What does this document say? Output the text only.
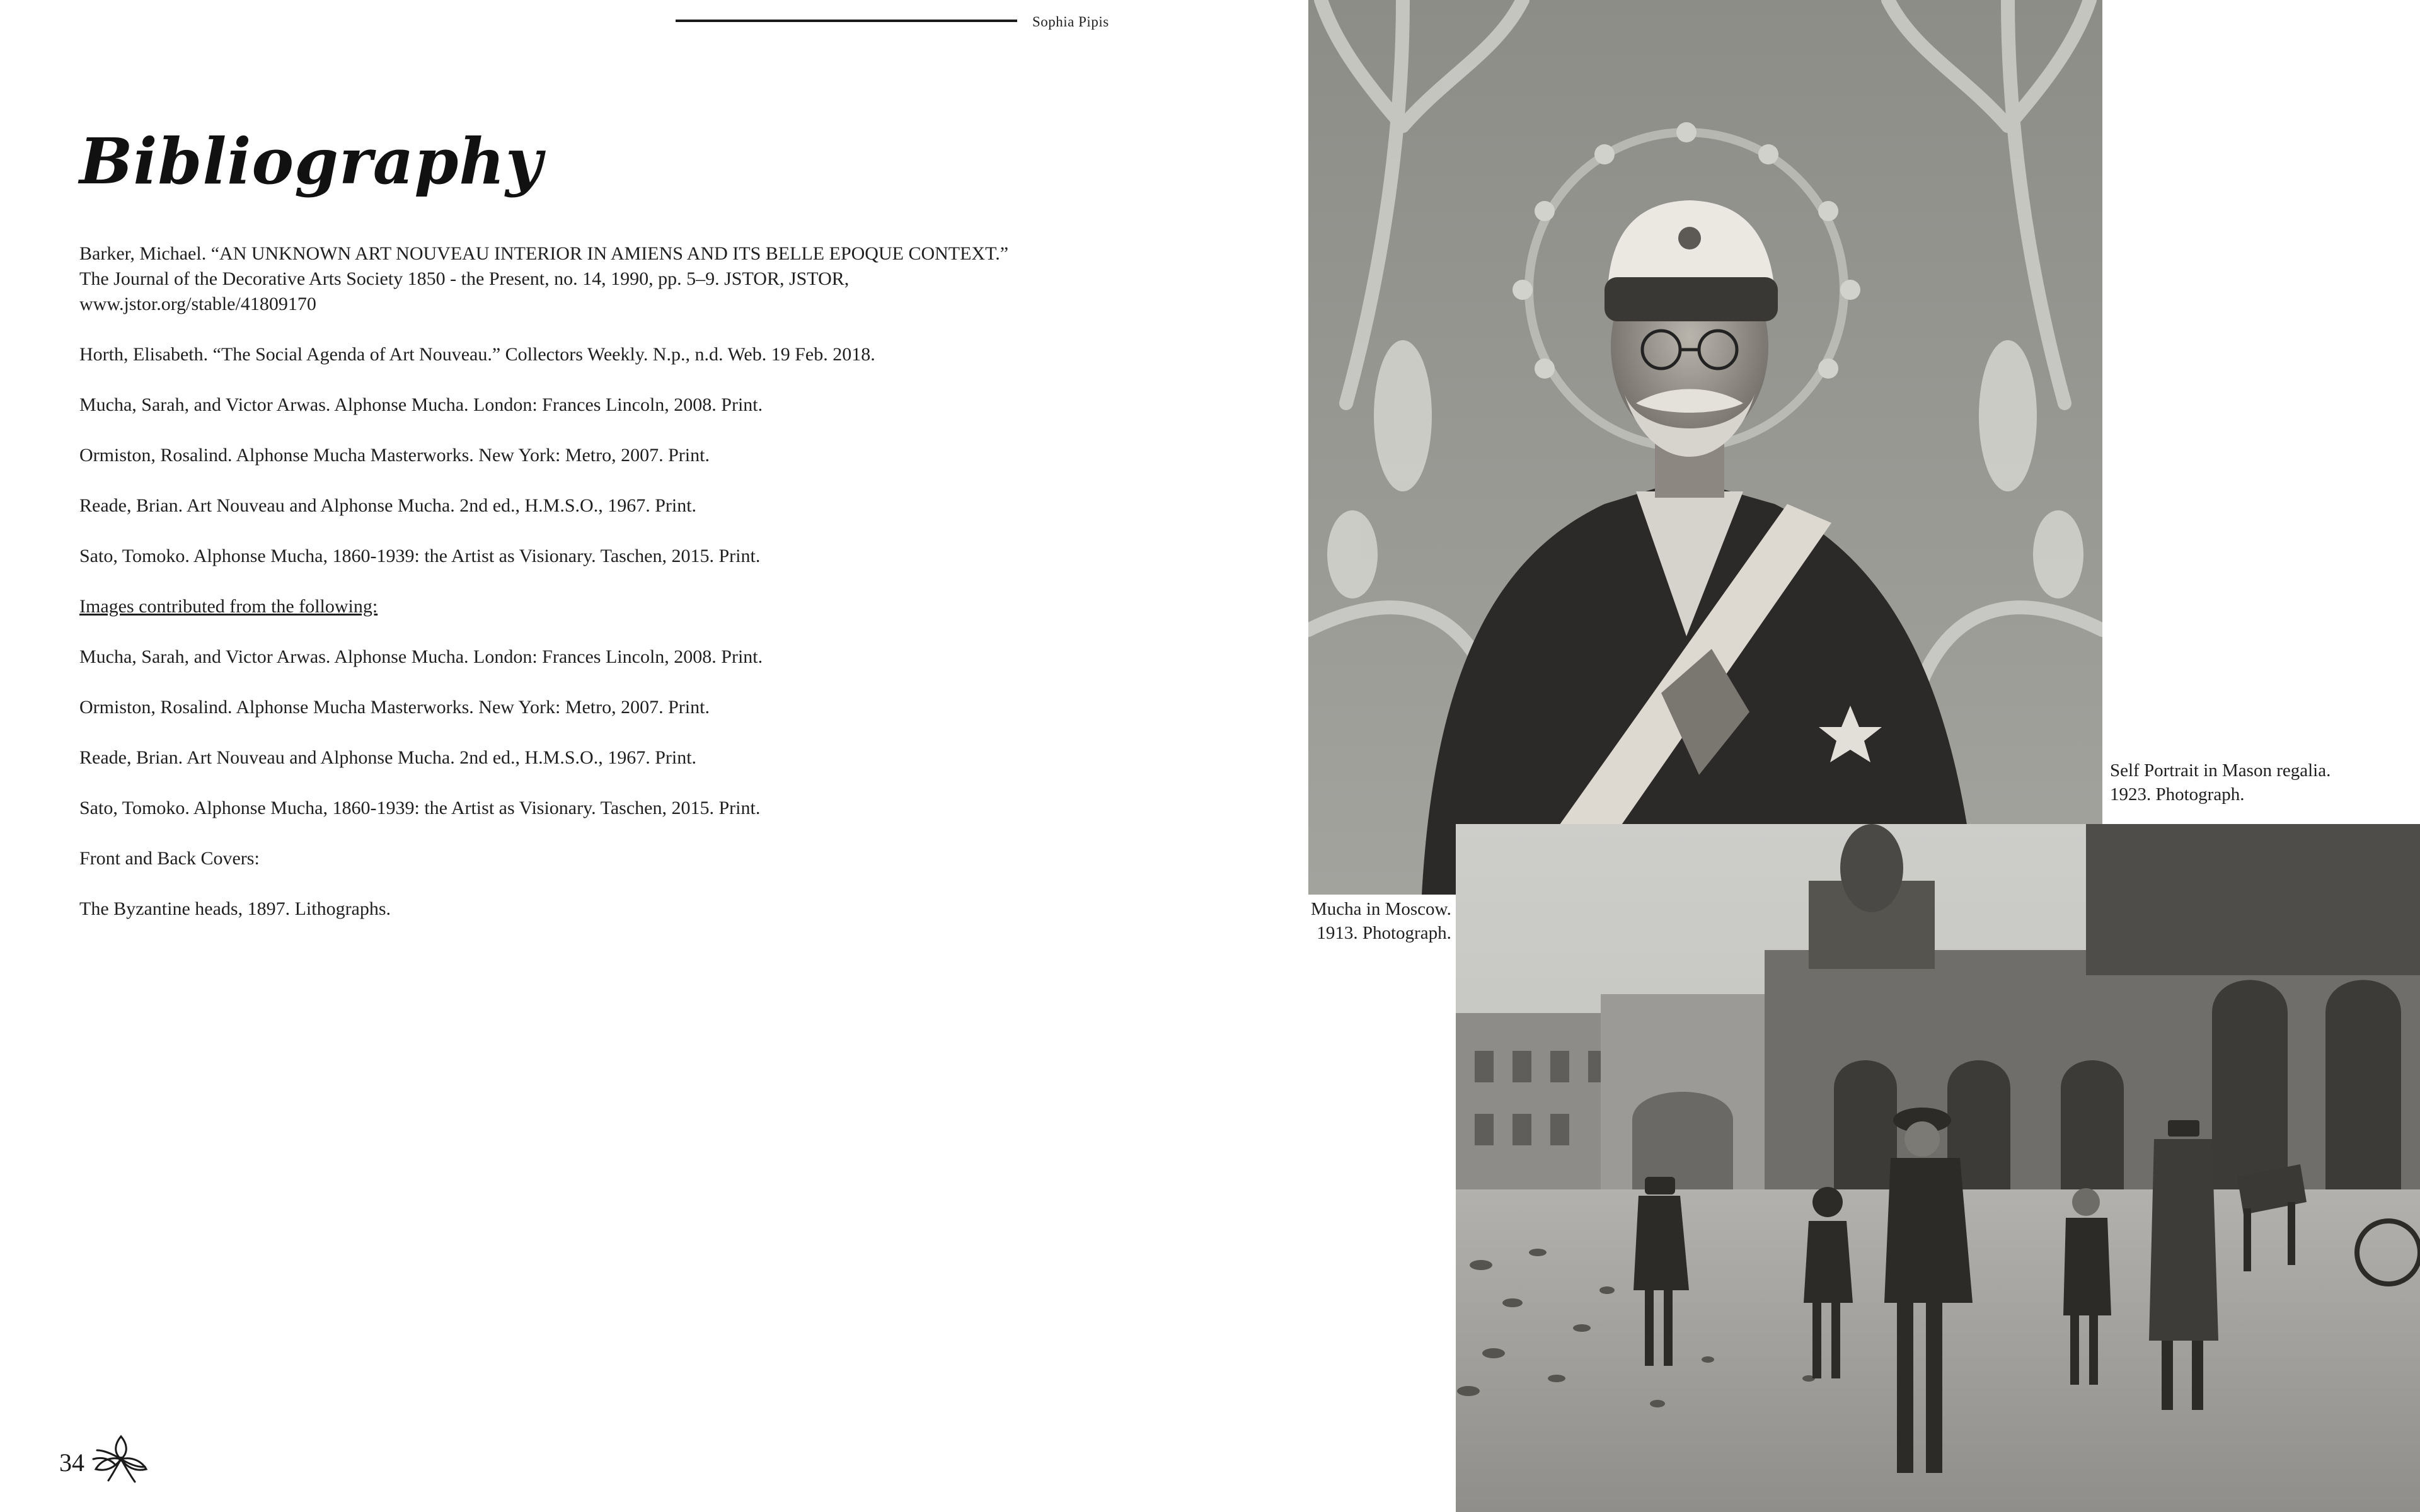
Sophia Pipis
Bibliography
Barker, Michael. “AN UNKNOWN ART NOUVEAU INTERIOR IN AMIENS AND ITS BELLE EPOQUE CONTEXT.” The Journal of the Decorative Arts Society 1850 - the Present, no. 14, 1990, pp. 5–9. JSTOR, JSTOR, www.jstor.org/stable/41809170
Horth, Elisabeth. “The Social Agenda of Art Nouveau.” Collectors Weekly. N.p., n.d. Web. 19 Feb. 2018.
Mucha, Sarah, and Victor Arwas. Alphonse Mucha. London: Frances Lincoln, 2008. Print.
Ormiston, Rosalind. Alphonse Mucha Masterworks. New York: Metro, 2007. Print.
Reade, Brian. Art Nouveau and Alphonse Mucha. 2nd ed., H.M.S.O., 1967. Print.
Sato, Tomoko. Alphonse Mucha, 1860-1939: the Artist as Visionary. Taschen, 2015. Print.
Images contributed from the following:
Mucha, Sarah, and Victor Arwas. Alphonse Mucha. London: Frances Lincoln, 2008. Print.
Ormiston, Rosalind. Alphonse Mucha Masterworks. New York: Metro, 2007. Print.
Reade, Brian. Art Nouveau and Alphonse Mucha. 2nd ed., H.M.S.O., 1967. Print.
Sato, Tomoko. Alphonse Mucha, 1860-1939: the Artist as Visionary. Taschen, 2015. Print.
Front and Back Covers:
The Byzantine heads, 1897. Lithographs.
34
Self Portrait in Mason regalia.
1923. Photograph.
Mucha in Moscow.
1913. Photograph.
